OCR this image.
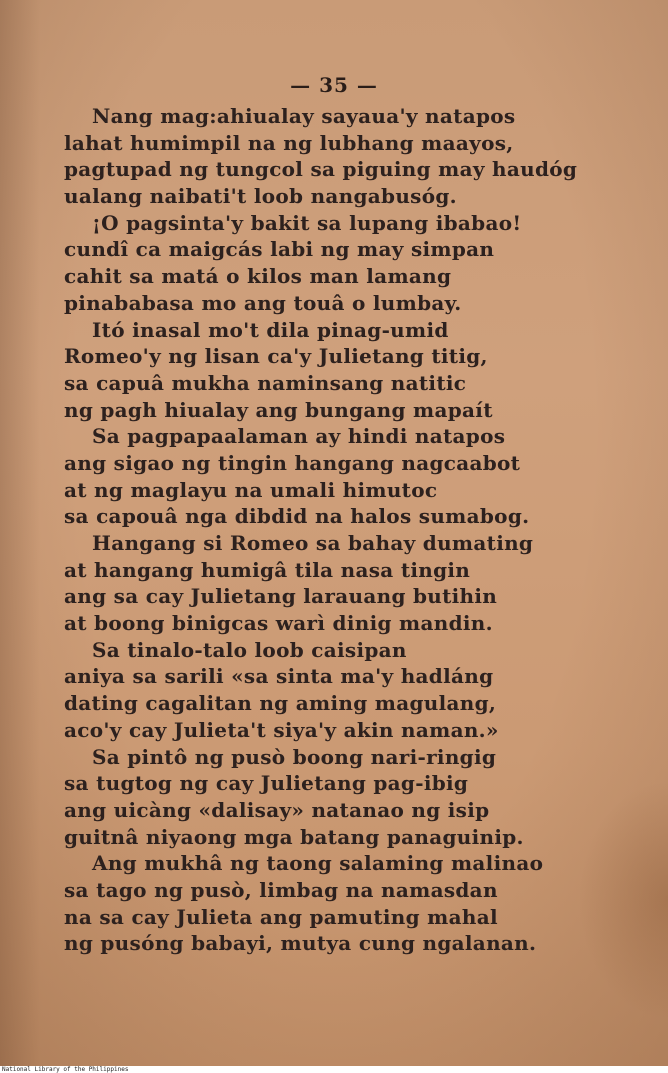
— 35 —
Nang mag:ahiualay sayaua'y natapos
lahat humimpil na ng lubhang maayos,
pagtupad ng tungcol sa piguing may haudóg
ualang naibati't loob nangabusóg.
¡O pagsinta'y bakit sa lupang ibabao!
cundî ca maigcás labi ng may simpan
cahit sa matá o kilos man lamang
pinababasa mo ang touâ o lumbay.
Itó inasal mo't dila pinag-umid
Romeo'y ng lisan ca'y Julietang titig,
sa capuâ mukha naminsang natitic
ng pagh hiualay ang bungang mapaít
Sa pagpapaalaman ay hindi natapos
ang sigao ng tingin hangang nagcaabot
at ng maglayu na umali himutoc
sa capouâ nga dibdid na halos sumabog.
Hangang si Romeo sa bahay dumating
at hangang humigâ tila nasa tingin
ang sa cay Julietang larauang butihin
at boong binigcas warì dinig mandin.
Sa tinalo-talo loob caisipan
aniya sa sarili «sa sinta ma'y hadláng
dating cagalitan ng aming magulang,
aco'y cay Julieta't siya'y akin naman.»
Sa pintô ng pusò boong nari-ringig
sa tugtog ng cay Julietang pag-ibig
ang uicàng «dalisay» natanao ng isip
guitnâ niyaong mga batang panaguinip.
Ang mukhâ ng taong salaming malinao
sa tago ng pusò, limbag na namasdan
na sa cay Julieta ang pamuting mahal
ng pusóng babayi, mutya cung ngalanan.
National Library of the Philippines
